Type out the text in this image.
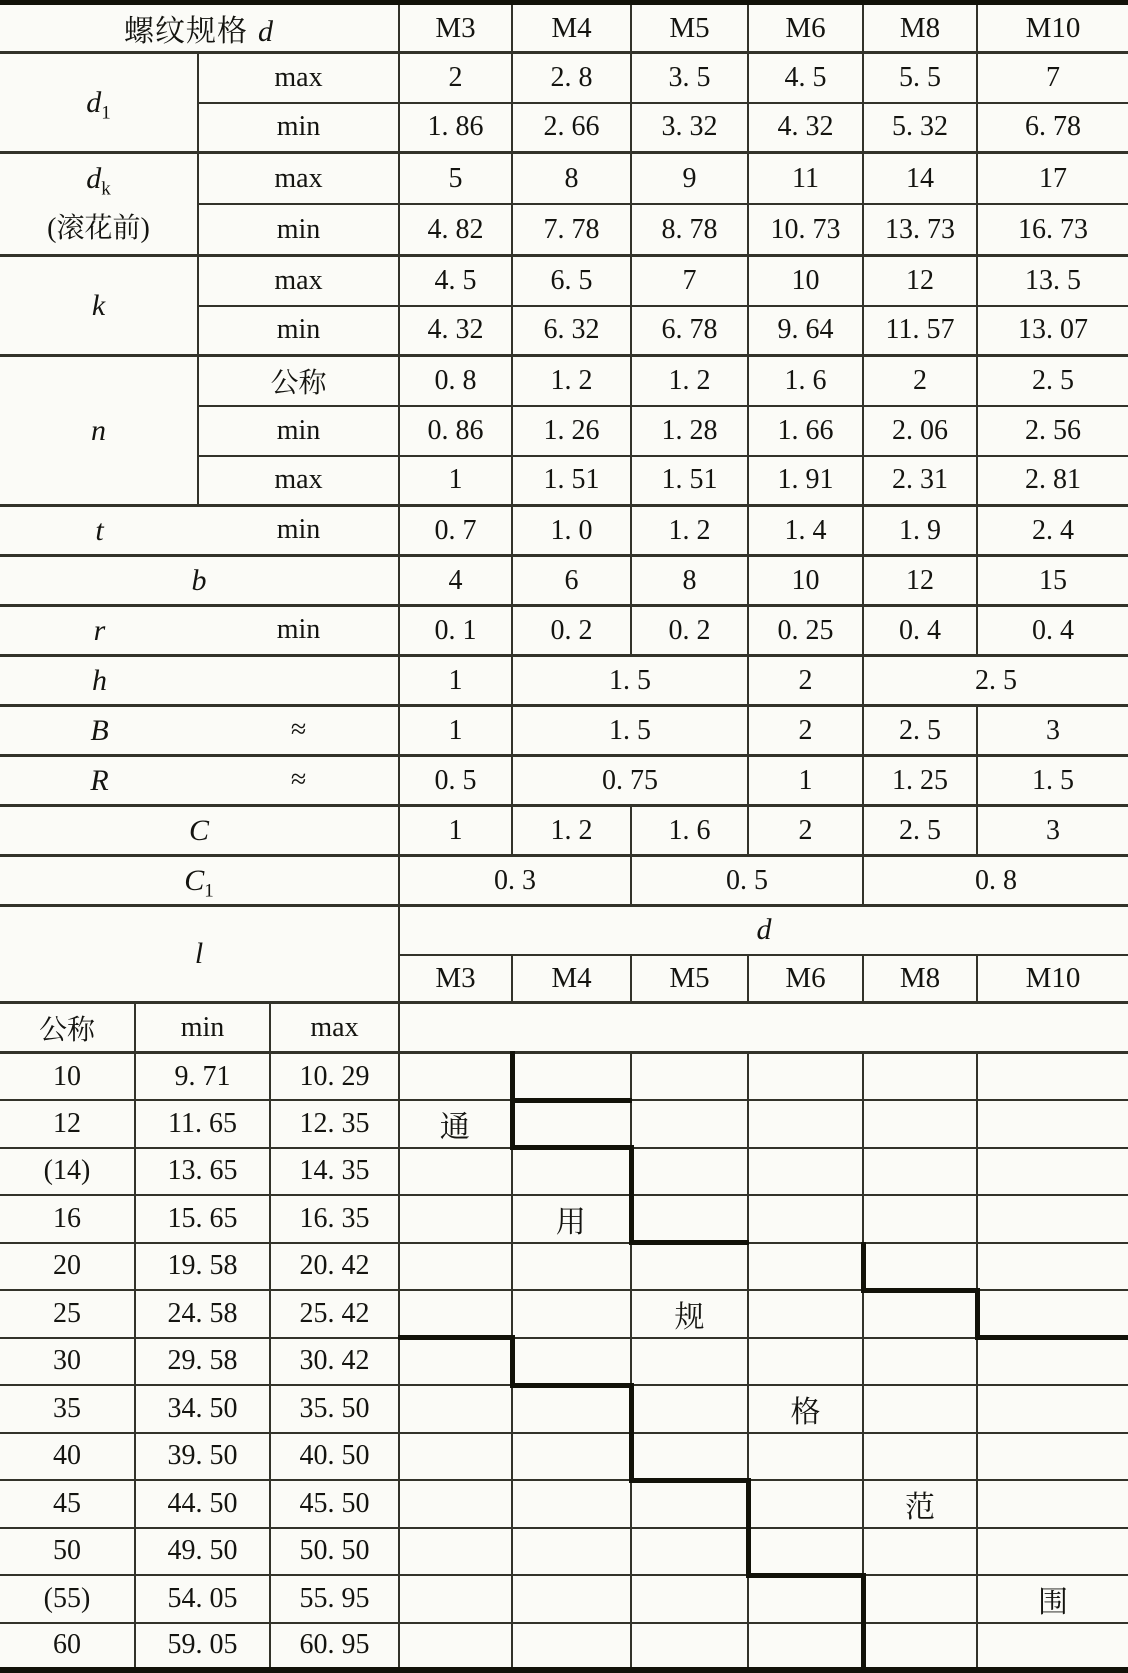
螺纹规格 d				M3	M4	M5	M6	M8	M10
$d_1$		max		2	2. 8	3. 5	4. 5	5. 5	7
		min		1. 86	2. 66	3. 32	4. 32	5. 32	6. 78

$d_k$
(滚花前)		max		5	8	9	11	14	17
		min		4. 82	7. 78	8. 78	10. 73	13. 73	16. 73
k		max		4. 5	6. 5	7	10	12	13. 5
		min		4. 32	6. 32	6. 78	9. 64	11. 57	13. 07
n		公称		0. 8	1. 2	1. 2	1. 6	2	2. 5
		min		0. 86	1. 26	1. 28	1. 66	2. 06	2. 56
		max		1	1. 51	1. 51	1. 91	2. 31	2. 81

t min				0. 7	1. 0	1. 2	1. 4	1. 9	2. 4
b				4	6	8	10	12	15

r min				0. 1	0. 2	0. 2	0. 25	0. 4	0. 4

h				1	1. 5		2	2. 5	

B ≈				1	1. 5		2	2. 5	3

R ≈				0. 5	0. 75		1	1. 25	1. 5
C				1	1. 2	1. 6	2	2. 5	3
$C_1$				0. 3		0. 5		0. 8	
l				d					
				M3	M4	M5	M6	M8	M10
公称	min		max						
10	9. 71		10. 29						
12	11. 65		12. 35	通					
(14)	13. 65		14. 35						
16	15. 65		16. 35		用				
20	19. 58		20. 42						
25	24. 58		25. 42			规			
30	29. 58		30. 42						
35	34. 50		35. 50				格		
40	39. 50		40. 50						
45	44. 50		45. 50					范	
50	49. 50		50. 50						
(55)	54. 05		55. 95						围
60	59. 05		60. 95						
